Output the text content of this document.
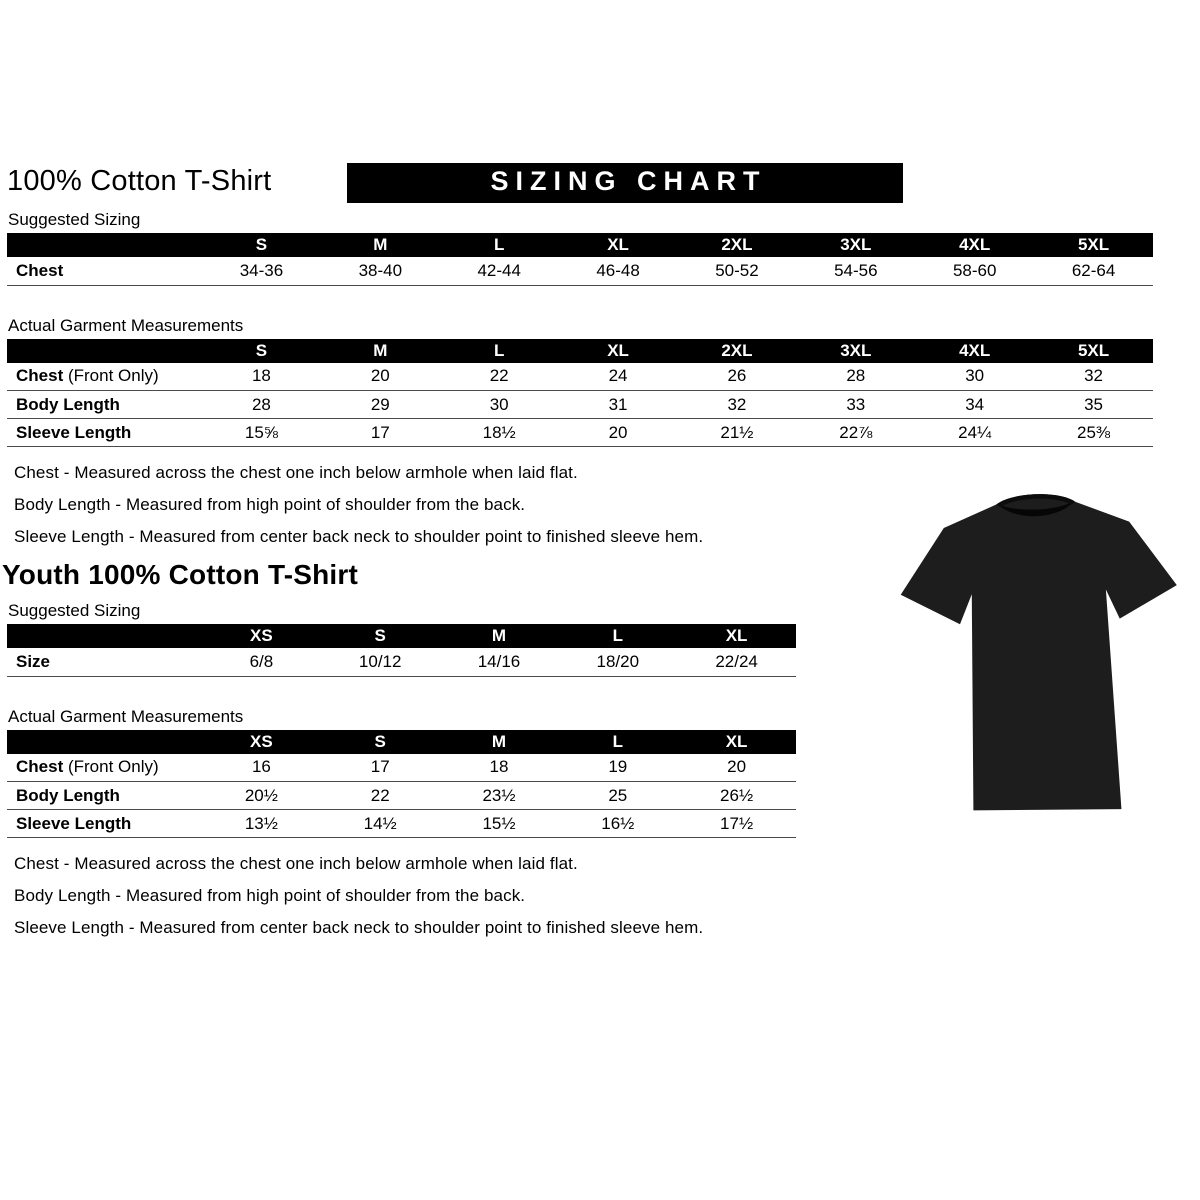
100% Cotton T-Shirt	SIZING CHART
Suggested Sizing
	S	M	L	XL	2XL	3XL	4XL	5XL
Chest	34-36	38-40	42-44	46-48	50-52	54-56	58-60	62-64
Actual Garment Measurements
	S	M	L	XL	2XL	3XL	4XL	5XL
Chest (Front Only)	18	20	22	24	26	28	30	32
Body Length	28	29	30	31	32	33	34	35
Sleeve Length	15⅝	17	18½	20	21½	22⅞	24¼	25⅜

Chest - Measured across the chest one inch below armhole when laid flat.

Body Length - Measured from high point of shoulder from the back.

Sleeve Length - Measured from center back neck to shoulder point to finished sleeve hem.

Youth 100% Cotton T-Shirt
Suggested Sizing
	XS	S	M	L	XL
Size	6/8	10/12	14/16	18/20	22/24
Actual Garment Measurements
	XS	S	M	L	XL
Chest (Front Only)	16	17	18	19	20
Body Length	20½	22	23½	25	26½
Sleeve Length	13½	14½	15½	16½	17½

Chest - Measured across the chest one inch below armhole when laid flat.

Body Length - Measured from high point of shoulder from the back.

Sleeve Length - Measured from center back neck to shoulder point to finished sleeve hem.
